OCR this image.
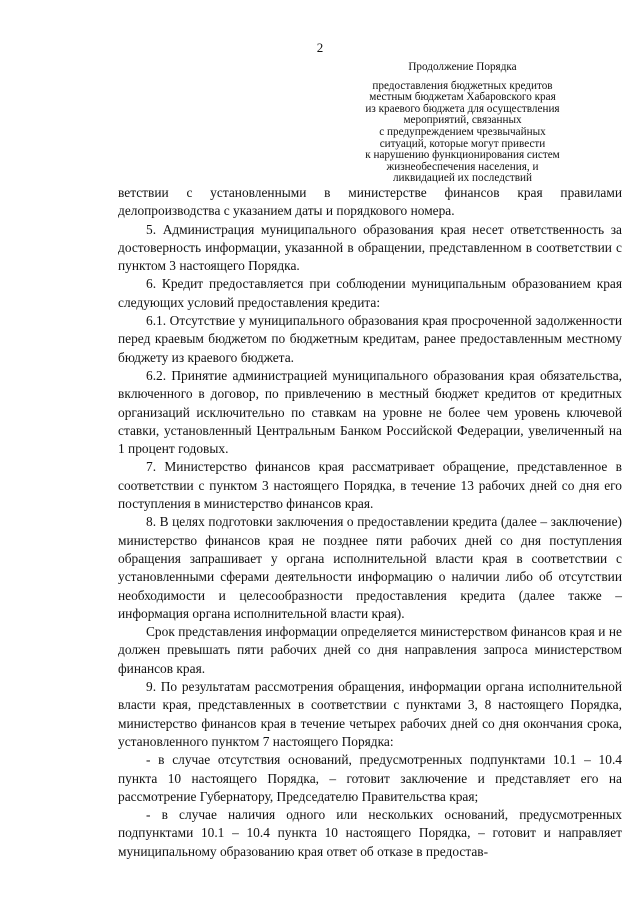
2
Продолжение Порядка
предоставления бюджетных кредитов
местным бюджетам Хабаровского края
из краевого бюджета для осуществления
мероприятий, связанных
с предупреждением чрезвычайных
ситуаций, которые могут привести
к нарушению функционирования систем
жизнеобеспечения населения, и
ликвидацией их последствий

ветствии с установленными в министерстве финансов края правилами делопроизводства с указанием даты и порядкового номера.

5. Администрация муниципального образования края несет ответственность за достоверность информации, указанной в обращении, представленном в соответствии с пунктом 3 настоящего Порядка.

6. Кредит предоставляется при соблюдении муниципальным образованием края следующих условий предоставления кредита:

6.1. Отсутствие у муниципального образования края просроченной задолженности перед краевым бюджетом по бюджетным кредитам, ранее предоставленным местному бюджету из краевого бюджета.

6.2. Принятие администрацией муниципального образования края обязательства, включенного в договор, по привлечению в местный бюджет кредитов от кредитных организаций исключительно по ставкам на уровне не более чем уровень ключевой ставки, установленный Центральным Банком Российской Федерации, увеличенный на 1 процент годовых.

7. Министерство финансов края рассматривает обращение, представленное в соответствии с пунктом 3 настоящего Порядка, в течение 13 рабочих дней со дня его поступления в министерство финансов края.

8. В целях подготовки заключения о предоставлении кредита (далее – заключение) министерство финансов края не позднее пяти рабочих дней со дня поступления обращения запрашивает у органа исполнительной власти края в соответствии с установленными сферами деятельности информацию о наличии либо об отсутствии необходимости и целесообразности предоставления кредита (далее также – информация органа исполнительной власти края).

Срок представления информации определяется министерством финансов края и не должен превышать пяти рабочих дней со дня направления запроса министерством финансов края.

9. По результатам рассмотрения обращения, информации органа исполнительной власти края, представленных в соответствии с пунктами 3, 8 настоящего Порядка, министерство финансов края в течение четырех рабочих дней со дня окончания срока, установленного пунктом 7 настоящего Порядка:

- в случае отсутствия оснований, предусмотренных подпунктами 10.1 – 10.4 пункта 10 настоящего Порядка, – готовит заключение и представляет его на рассмотрение Губернатору, Председателю Правительства края;

- в случае наличия одного или нескольких оснований, предусмотренных подпунктами 10.1 – 10.4 пункта 10 настоящего Порядка, – готовит и направляет муниципальному образованию края ответ об отказе в предостав-
